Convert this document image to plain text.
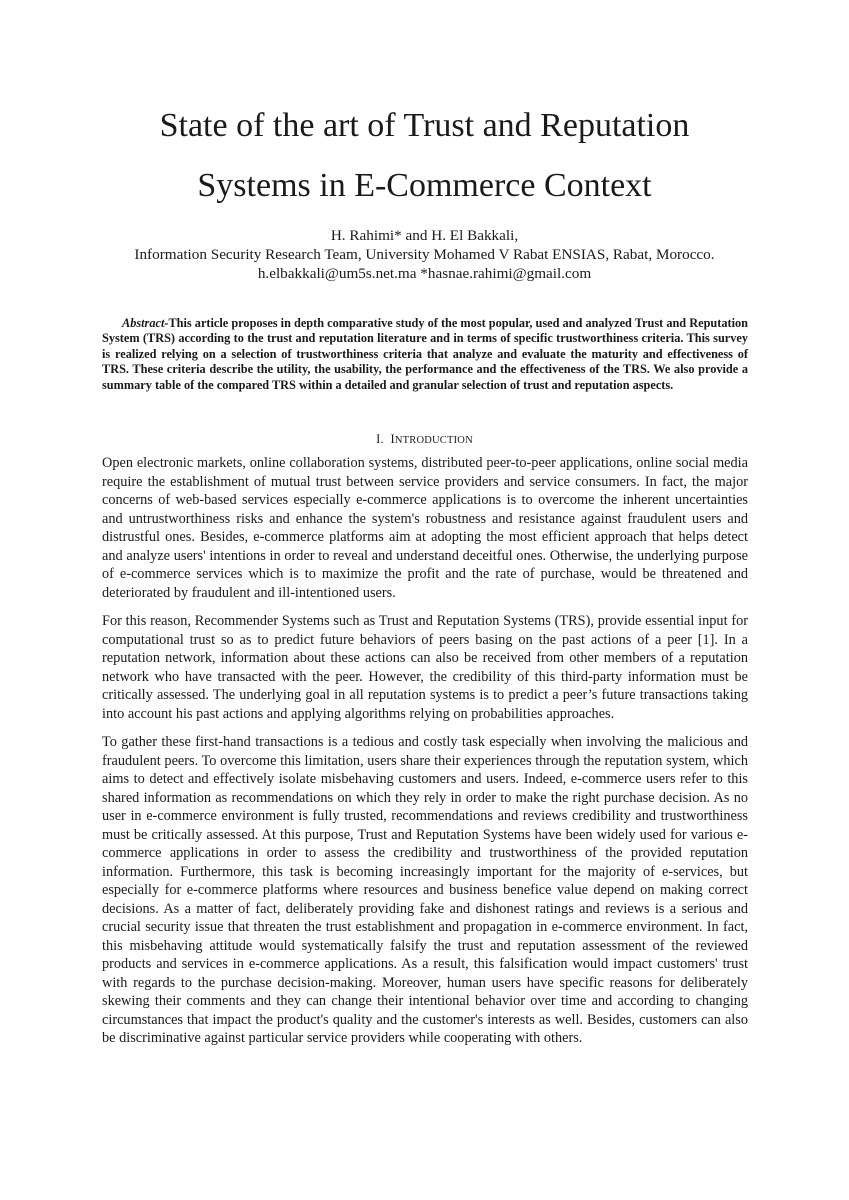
State of the art of Trust and Reputation
Systems in E-Commerce Context
H. Rahimi* and H. El Bakkali,
Information Security Research Team, University Mohamed V Rabat ENSIAS, Rabat, Morocco.
h.elbakkali@um5s.net.ma *hasnae.rahimi@gmail.com
Abstract-This article proposes in depth comparative study of the most popular, used and analyzed Trust and Reputation System (TRS) according to the trust and reputation literature and in terms of specific trustworthiness criteria. This survey is realized relying on a selection of trustworthiness criteria that analyze and evaluate the maturity and effectiveness of TRS. These criteria describe the utility, the usability, the performance and the effectiveness of the TRS. We also provide a summary table of the compared TRS within a detailed and granular selection of trust and reputation aspects.
I. INTRODUCTION

Open electronic markets, online collaboration systems, distributed peer-to-peer applications, online social media require the establishment of mutual trust between service providers and service consumers. In fact, the major concerns of web-based services especially e-commerce applications is to overcome the inherent uncertainties and untrustworthiness risks and enhance the system's robustness and resistance against fraudulent users and distrustful ones. Besides, e-commerce platforms aim at adopting the most efficient approach that helps detect and analyze users' intentions in order to reveal and understand deceitful ones. Otherwise, the underlying purpose of e-commerce services which is to maximize the profit and the rate of purchase, would be threatened and deteriorated by fraudulent and ill-intentioned users.

For this reason, Recommender Systems such as Trust and Reputation Systems (TRS), provide essential input for computational trust so as to predict future behaviors of peers basing on the past actions of a peer [1]. In a reputation network, information about these actions can also be received from other members of a reputation network who have transacted with the peer. However, the credibility of this third-party information must be critically assessed. The underlying goal in all reputation systems is to predict a peer’s future transactions taking into account his past actions and applying algorithms relying on probabilities approaches.

To gather these first-hand transactions is a tedious and costly task especially when involving the malicious and fraudulent peers. To overcome this limitation, users share their experiences through the reputation system, which aims to detect and effectively isolate misbehaving customers and users. Indeed, e-commerce users refer to this shared information as recommendations on which they rely in order to make the right purchase decision. As no user in e-commerce environment is fully trusted, recommendations and reviews credibility and trustworthiness must be critically assessed. At this purpose, Trust and Reputation Systems have been widely used for various e-commerce applications in order to assess the credibility and trustworthiness of the provided reputation information. Furthermore, this task is becoming increasingly important for the majority of e-services, but especially for e-commerce platforms where resources and business benefice value depend on making correct decisions. As a matter of fact, deliberately providing fake and dishonest ratings and reviews is a serious and crucial security issue that threaten the trust establishment and propagation in e-commerce environment. In fact, this misbehaving attitude would systematically falsify the trust and reputation assessment of the reviewed products and services in e-commerce applications. As a result, this falsification would impact customers' trust with regards to the purchase decision-making. Moreover, human users have specific reasons for deliberately skewing their comments and they can change their intentional behavior over time and according to changing circumstances that impact the product's quality and the customer's interests as well. Besides, customers can also be discriminative against particular service providers while cooperating with others.
